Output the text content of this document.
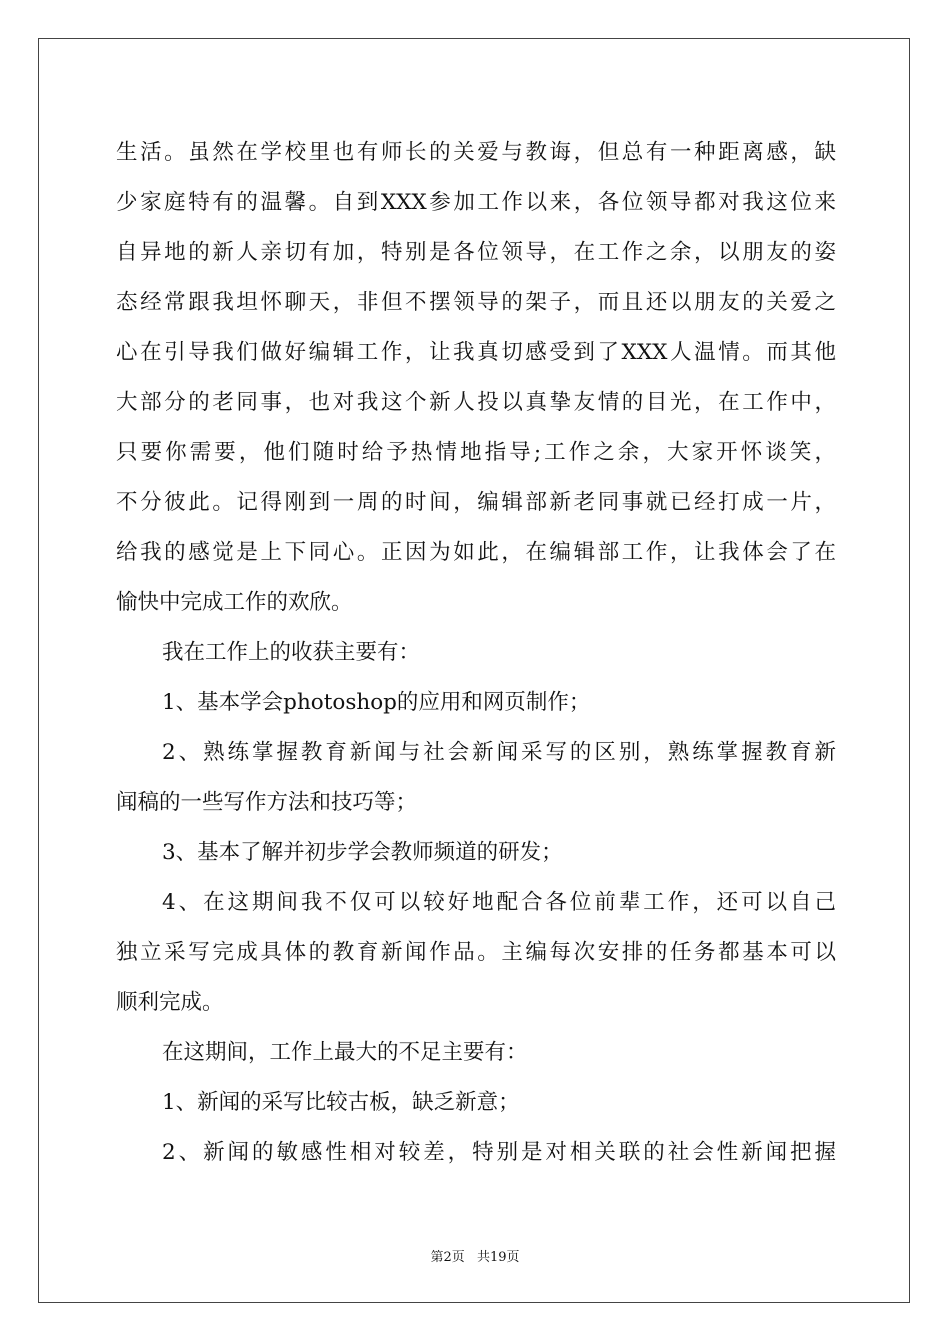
生活。虽然在学校里也有师长的关爱与教诲，但总有一种距离感，缺
少家庭特有的温馨。自到XXX参加工作以来，各位领导都对我这位来
自异地的新人亲切有加，特别是各位领导，在工作之余，以朋友的姿
态经常跟我坦怀聊天，非但不摆领导的架子，而且还以朋友的关爱之
心在引导我们做好编辑工作，让我真切感受到了XXX人温情。而其他
大部分的老同事，也对我这个新人投以真挚友情的目光，在工作中，
只要你需要，他们随时给予热情地指导;工作之余，大家开怀谈笑，
不分彼此。记得刚到一周的时间，编辑部新老同事就已经打成一片，
给我的感觉是上下同心。正因为如此，在编辑部工作，让我体会了在
愉快中完成工作的欢欣。
我在工作上的收获主要有：
1、基本学会photoshop的应用和网页制作；
2、熟练掌握教育新闻与社会新闻采写的区别，熟练掌握教育新
闻稿的一些写作方法和技巧等；
3、基本了解并初步学会教师频道的研发；
4、在这期间我不仅可以较好地配合各位前辈工作，还可以自己
独立采写完成具体的教育新闻作品。主编每次安排的任务都基本可以
顺利完成。
在这期间，工作上最大的不足主要有：
1、新闻的采写比较古板，缺乏新意；
2、新闻的敏感性相对较差，特别是对相关联的社会性新闻把握
第2页 共19页
